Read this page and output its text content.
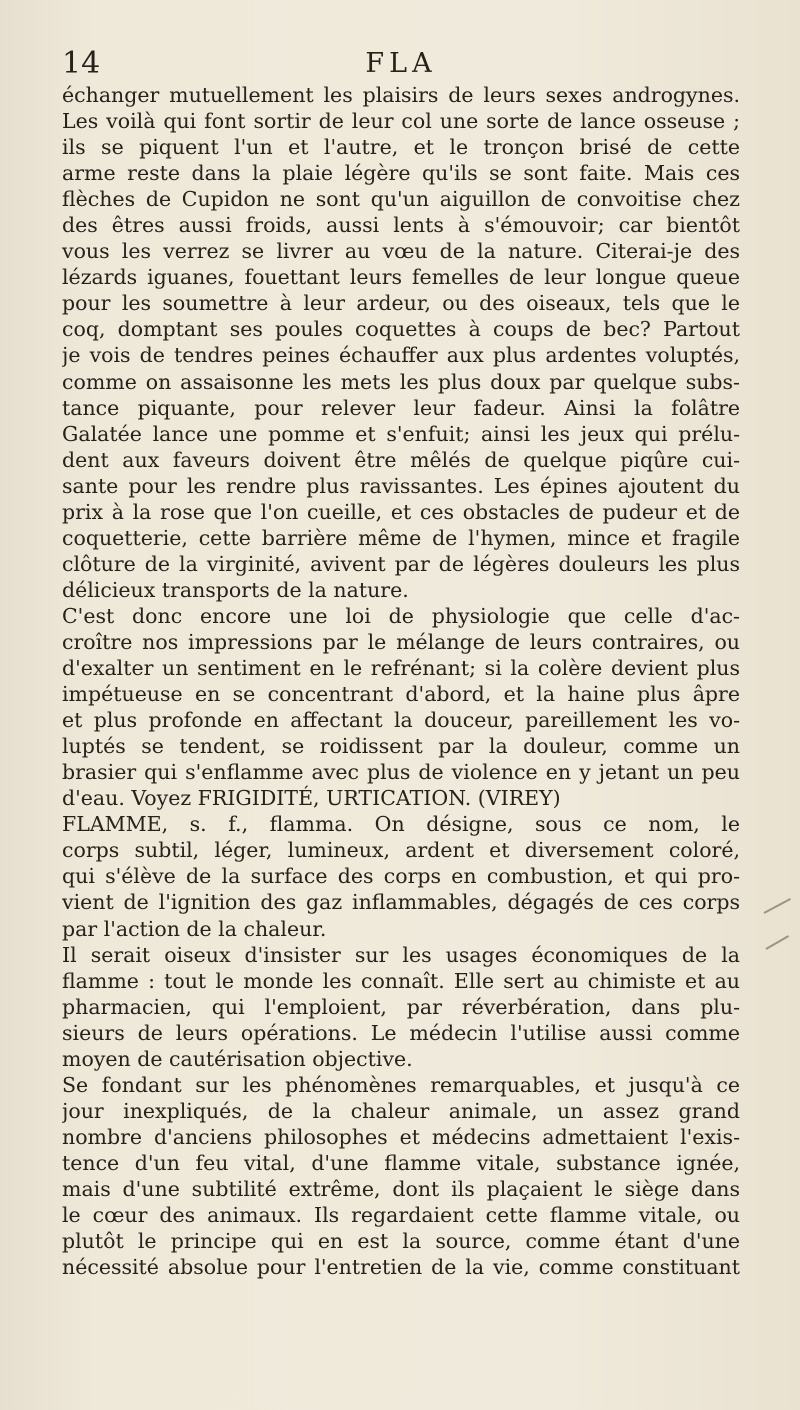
14	FLA
échanger mutuellement les plaisirs de leurs sexes androgynes.
Les voilà qui font sortir de leur col une sorte de lance osseuse ;
ils se piquent l'un et l'autre, et le tronçon brisé de cette
arme reste dans la plaie légère qu'ils se sont faite. Mais ces
flèches de Cupidon ne sont qu'un aiguillon de convoitise chez
des êtres aussi froids, aussi lents à s'émouvoir; car bientôt
vous les verrez se livrer au vœu de la nature. Citerai-je des
lézards iguanes, fouettant leurs femelles de leur longue queue
pour les soumettre à leur ardeur, ou des oiseaux, tels que le
coq, domptant ses poules coquettes à coups de bec? Partout
je vois de tendres peines échauffer aux plus ardentes voluptés,
comme on assaisonne les mets les plus doux par quelque subs-
tance piquante, pour relever leur fadeur. Ainsi la folâtre
Galatée lance une pomme et s'enfuit; ainsi les jeux qui prélu-
dent aux faveurs doivent être mêlés de quelque piqûre cui-
sante pour les rendre plus ravissantes. Les épines ajoutent du
prix à la rose que l'on cueille, et ces obstacles de pudeur et de
coquetterie, cette barrière même de l'hymen, mince et fragile
clôture de la virginité, avivent par de légères douleurs les plus
délicieux transports de la nature.
C'est donc encore une loi de physiologie que celle d'ac-
croître nos impressions par le mélange de leurs contraires, ou
d'exalter un sentiment en le refrénant; si la colère devient plus
impétueuse en se concentrant d'abord, et la haine plus âpre
et plus profonde en affectant la douceur, pareillement les vo-
luptés se tendent, se roidissent par la douleur, comme un
brasier qui s'enflamme avec plus de violence en y jetant un peu
d'eau. Voyez FRIGIDITÉ, URTICATION. (VIREY)
FLAMME, s. f., flamma. On désigne, sous ce nom, le
corps subtil, léger, lumineux, ardent et diversement coloré,
qui s'élève de la surface des corps en combustion, et qui pro-
vient de l'ignition des gaz inflammables, dégagés de ces corps
par l'action de la chaleur.
Il serait oiseux d'insister sur les usages économiques de la
flamme : tout le monde les connaît. Elle sert au chimiste et au
pharmacien, qui l'emploient, par réverbération, dans plu-
sieurs de leurs opérations. Le médecin l'utilise aussi comme
moyen de cautérisation objective.
Se fondant sur les phénomènes remarquables, et jusqu'à ce
jour inexpliqués, de la chaleur animale, un assez grand
nombre d'anciens philosophes et médecins admettaient l'exis-
tence d'un feu vital, d'une flamme vitale, substance ignée,
mais d'une subtilité extrême, dont ils plaçaient le siège dans
le cœur des animaux. Ils regardaient cette flamme vitale, ou
plutôt le principe qui en est la source, comme étant d'une
nécessité absolue pour l'entretien de la vie, comme constituant
